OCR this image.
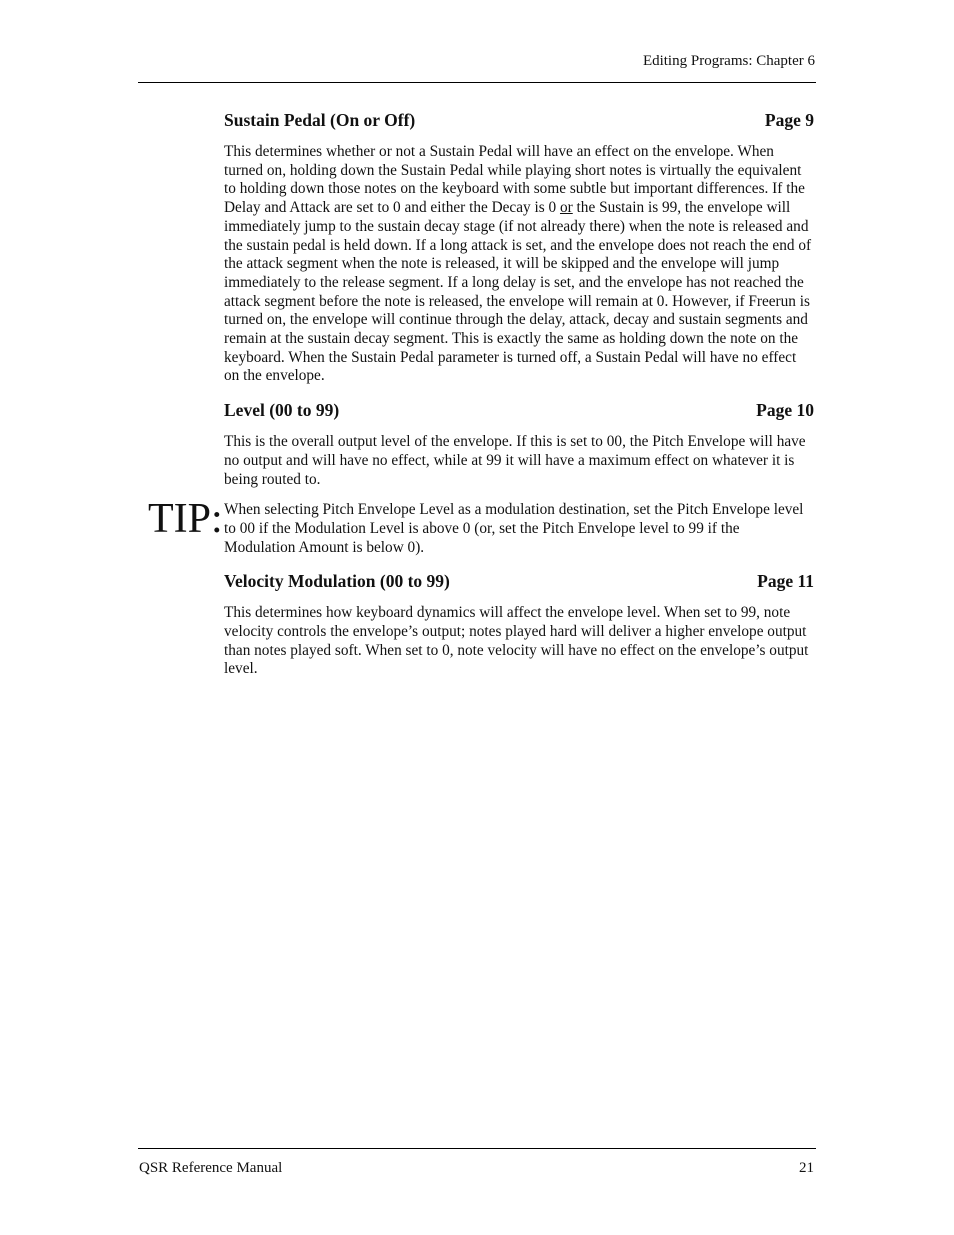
Editing Programs: Chapter 6
Sustain Pedal (On or Off)	Page 9

This determines whether or not a Sustain Pedal will have an effect on the envelope. When turned on, holding down the Sustain Pedal while playing short notes is virtually the equivalent to holding down those notes on the keyboard with some subtle but important differences. If the Delay and Attack are set to 0 and either the Decay is 0 or the Sustain is 99, the envelope will immediately jump to the sustain decay stage (if not already there) when the note is released and the sustain pedal is held down. If a long attack is set, and the envelope does not reach the end of the attack segment when the note is released, it will be skipped and the envelope will jump immediately to the release segment. If a long delay is set, and the envelope has not reached the attack segment before the note is released, the envelope will remain at 0. However, if Freerun is turned on, the envelope will continue through the delay, attack, decay and sustain segments and remain at the sustain decay segment. This is exactly the same as holding down the note on the keyboard. When the Sustain Pedal parameter is turned off, a Sustain Pedal will have no effect on the envelope.

Level (00 to 99)	Page 10

This is the overall output level of the envelope. If this is set to 00, the Pitch Envelope will have no output and will have no effect, while at 99 it will have a maximum effect on whatever it is being routed to.

TIP: When selecting Pitch Envelope Level as a modulation destination, set the Pitch Envelope level to 00 if the Modulation Level is above 0 (or, set the Pitch Envelope level to 99 if the Modulation Amount is below 0).

Velocity Modulation (00 to 99)	Page 11

This determines how keyboard dynamics will affect the envelope level. When set to 99, note velocity controls the envelope’s output; notes played hard will deliver a higher envelope output than notes played soft. When set to 0, note velocity will have no effect on the envelope’s output level.

QSR Reference Manual	21
